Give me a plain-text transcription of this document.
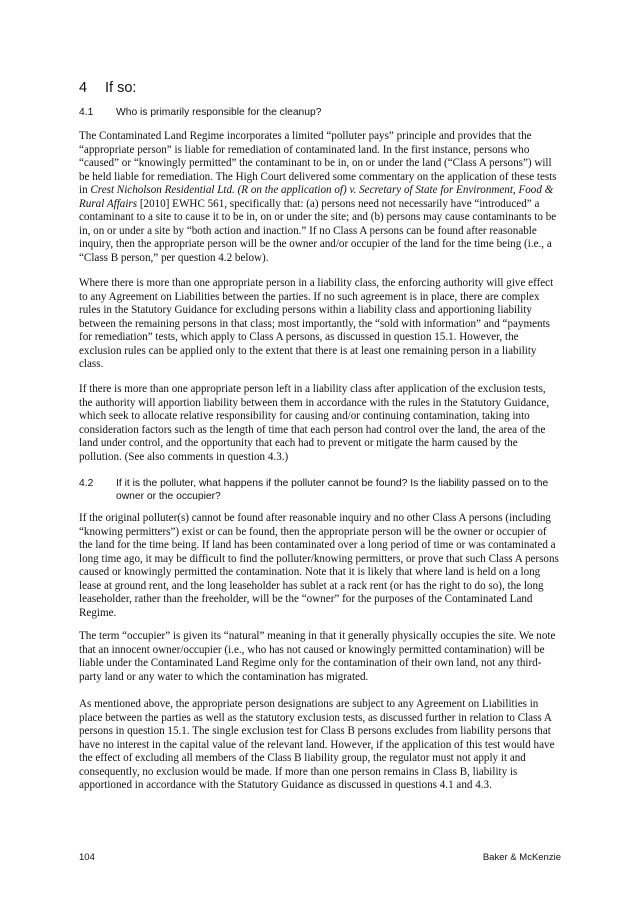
4 If so:
4.1 Who is primarily responsible for the cleanup?
The Contaminated Land Regime incorporates a limited “polluter pays” principle and provides that the “appropriate person” is liable for remediation of contaminated land. In the first instance, persons who “caused” or “knowingly permitted” the contaminant to be in, on or under the land (“Class A persons”) will be held liable for remediation. The High Court delivered some commentary on the application of these tests in Crest Nicholson Residential Ltd. (R on the application of) v. Secretary of State for Environment, Food & Rural Affairs [2010] EWHC 561, specifically that: (a) persons need not necessarily have “introduced” a contaminant to a site to cause it to be in, on or under the site; and (b) persons may cause contaminants to be in, on or under a site by “both action and inaction.” If no Class A persons can be found after reasonable inquiry, then the appropriate person will be the owner and/or occupier of the land for the time being (i.e., a “Class B person,” per question 4.2 below).
Where there is more than one appropriate person in a liability class, the enforcing authority will give effect to any Agreement on Liabilities between the parties. If no such agreement is in place, there are complex rules in the Statutory Guidance for excluding persons within a liability class and apportioning liability between the remaining persons in that class; most importantly, the “sold with information” and “payments for remediation” tests, which apply to Class A persons, as discussed in question 15.1. However, the exclusion rules can be applied only to the extent that there is at least one remaining person in a liability class.
If there is more than one appropriate person left in a liability class after application of the exclusion tests, the authority will apportion liability between them in accordance with the rules in the Statutory Guidance, which seek to allocate relative responsibility for causing and/or continuing contamination, taking into consideration factors such as the length of time that each person had control over the land, the area of the land under control, and the opportunity that each had to prevent or mitigate the harm caused by the pollution. (See also comments in question 4.3.)
4.2 If it is the polluter, what happens if the polluter cannot be found? Is the liability passed on to the owner or the occupier?
If the original polluter(s) cannot be found after reasonable inquiry and no other Class A persons (including “knowing permitters”) exist or can be found, then the appropriate person will be the owner or occupier of the land for the time being. If land has been contaminated over a long period of time or was contaminated a long time ago, it may be difficult to find the polluter/knowing permitters, or prove that such Class A persons caused or knowingly permitted the contamination. Note that it is likely that where land is held on a long lease at ground rent, and the long leaseholder has sublet at a rack rent (or has the right to do so), the long leaseholder, rather than the freeholder, will be the “owner” for the purposes of the Contaminated Land Regime.
The term “occupier” is given its “natural” meaning in that it generally physically occupies the site. We note that an innocent owner/occupier (i.e., who has not caused or knowingly permitted contamination) will be liable under the Contaminated Land Regime only for the contamination of their own land, not any third-party land or any water to which the contamination has migrated.
As mentioned above, the appropriate person designations are subject to any Agreement on Liabilities in place between the parties as well as the statutory exclusion tests, as discussed further in relation to Class A persons in question 15.1. The single exclusion test for Class B persons excludes from liability persons that have no interest in the capital value of the relevant land. However, if the application of this test would have the effect of excluding all members of the Class B liability group, the regulator must not apply it and consequently, no exclusion would be made. If more than one person remains in Class B, liability is apportioned in accordance with the Statutory Guidance as discussed in questions 4.1 and 4.3.
104	Baker & McKenzie
